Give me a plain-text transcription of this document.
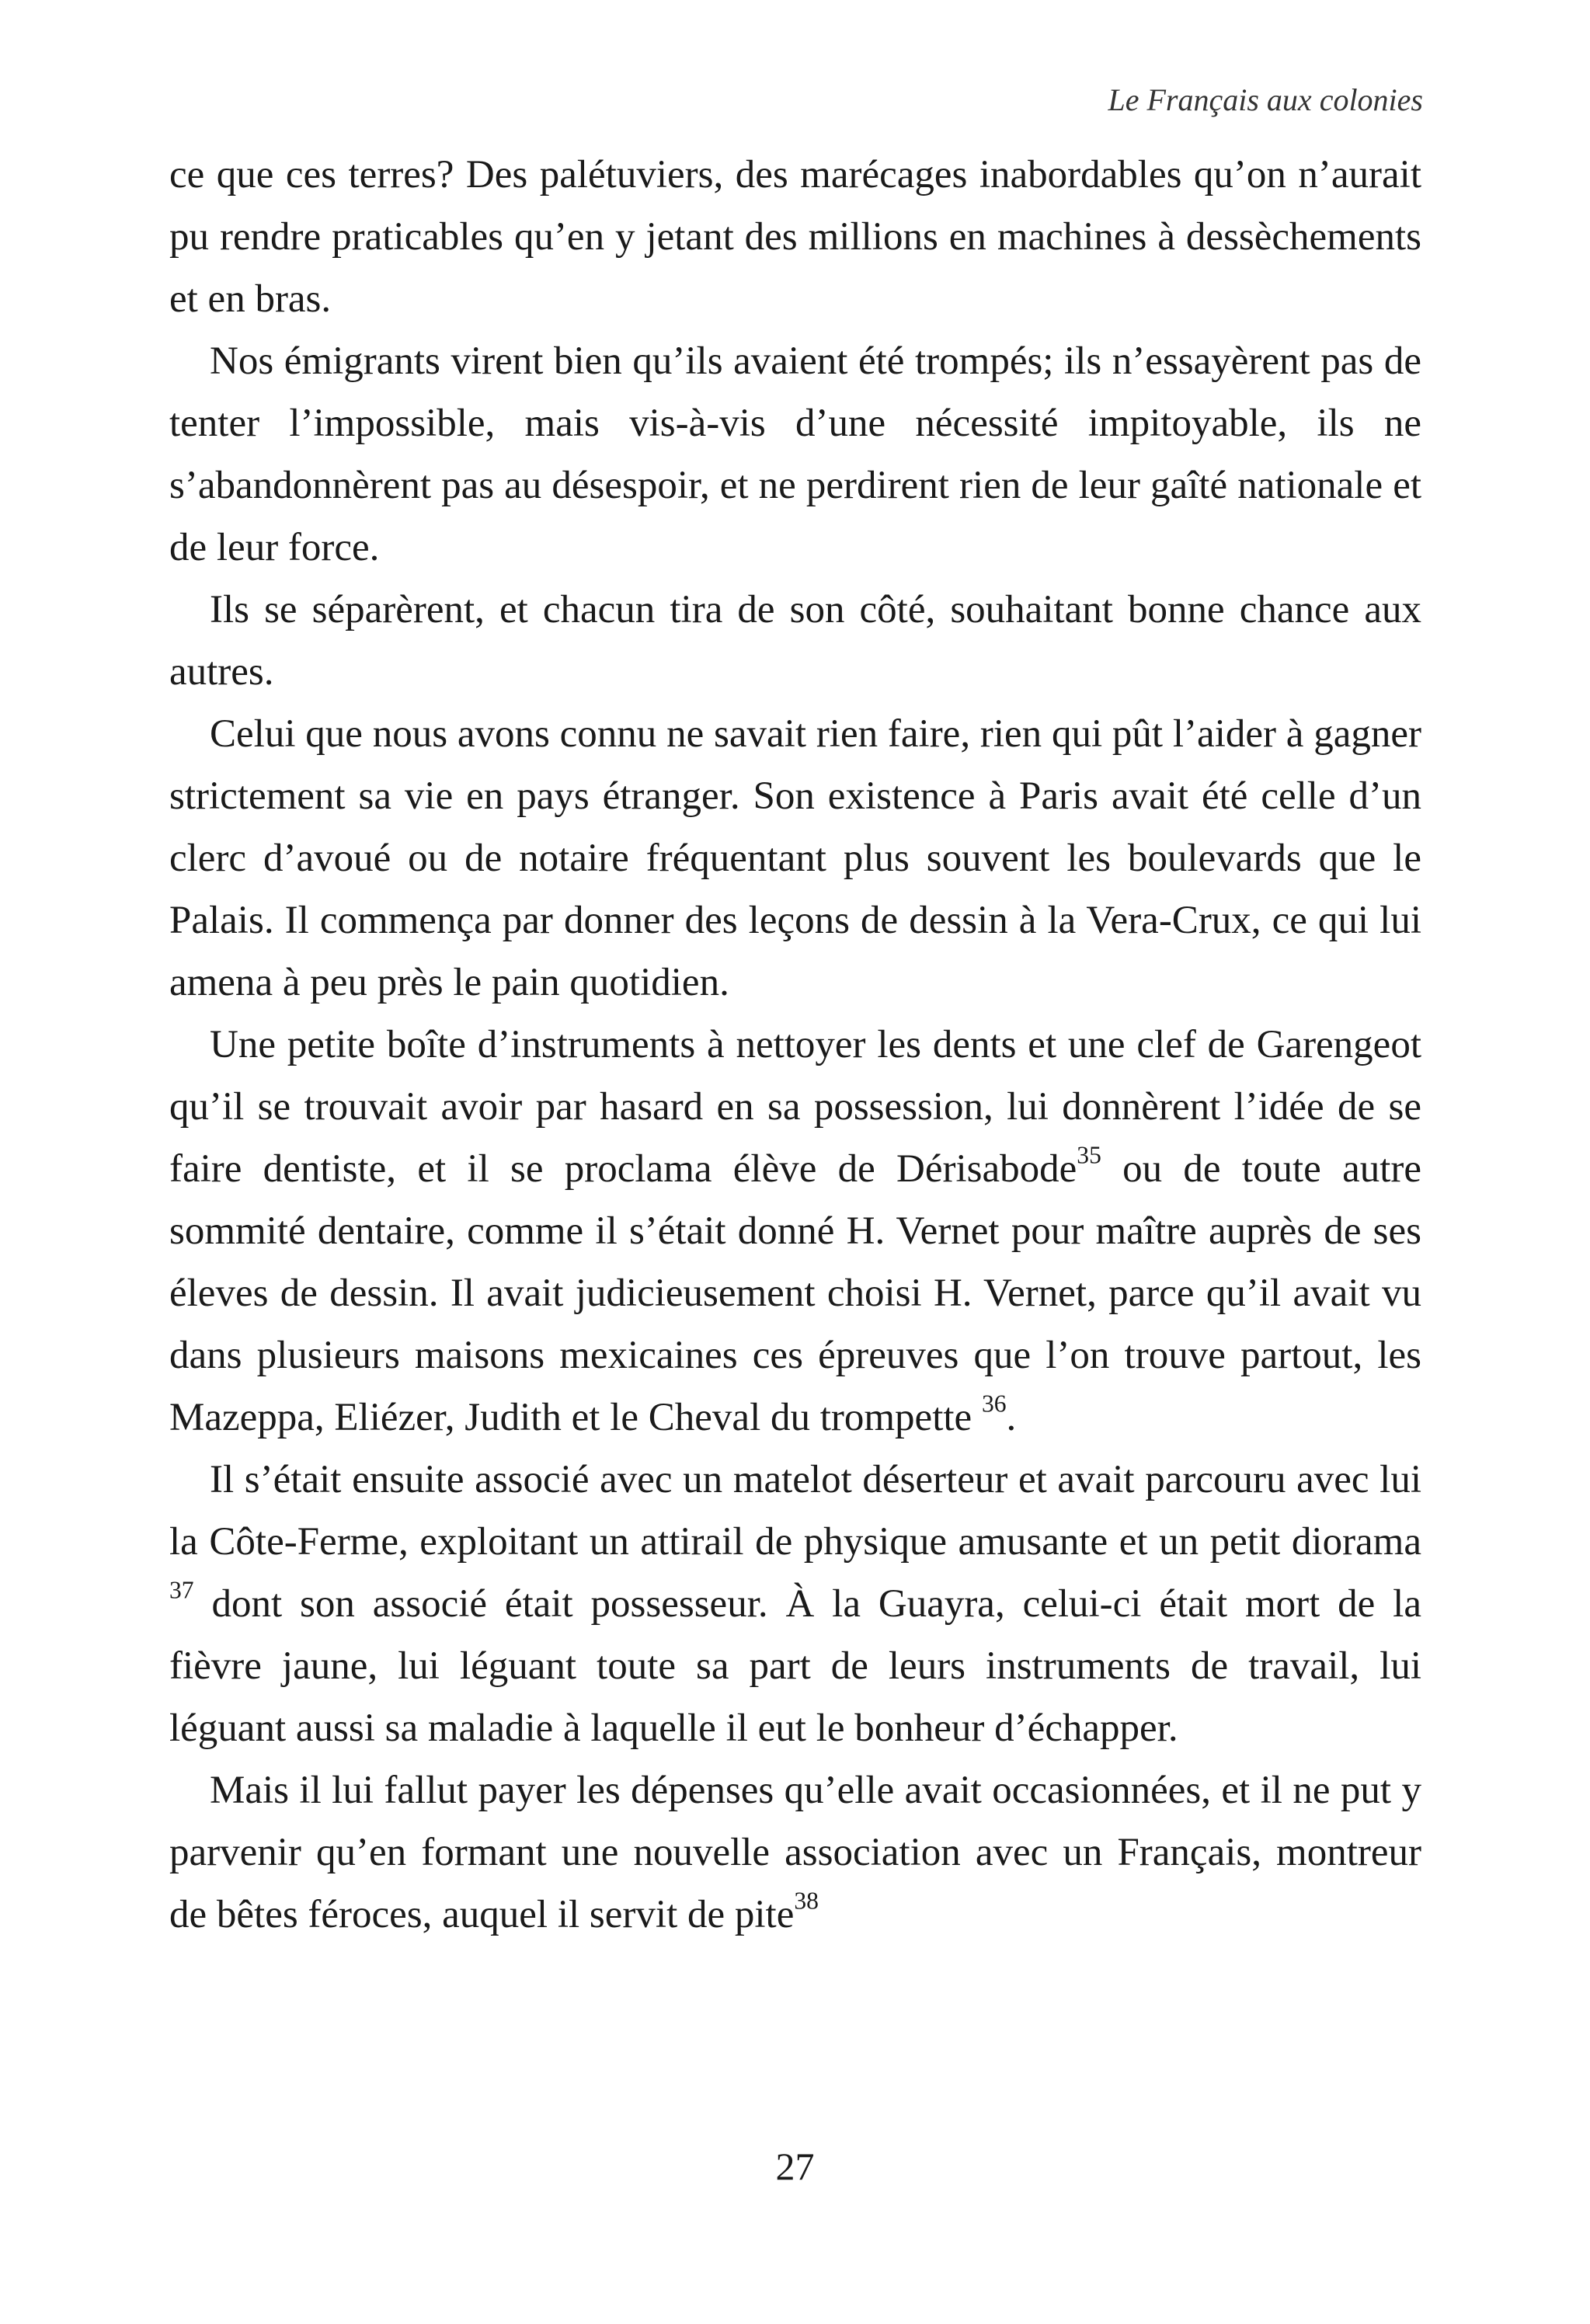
Le Français aux colonies

ce que ces terres? Des palétuviers, des marécages inabordables qu’on n’aurait pu rendre praticables qu’en y jetant des millions en machines à dessèchements et en bras.

Nos émigrants virent bien qu’ils avaient été trompés; ils n’essayèrent pas de tenter l’impossible, mais vis-à-vis d’une nécessité impitoyable, ils ne s’abandonnèrent pas au désespoir, et ne perdirent rien de leur gaîté nationale et de leur force.

Ils se séparèrent, et chacun tira de son côté, souhaitant bonne chance aux autres.

Celui que nous avons connu ne savait rien faire, rien qui pût l’aider à gagner strictement sa vie en pays étranger. Son existence à Paris avait été celle d’un clerc d’avoué ou de notaire fréquentant plus souvent les boulevards que le Palais. Il commença par donner des leçons de dessin à la Vera-Crux, ce qui lui amena à peu près le pain quotidien.

Une petite boîte d’instruments à nettoyer les dents et une clef de Garengeot qu’il se trouvait avoir par hasard en sa possession, lui donnèrent l’idée de se faire dentiste, et il se proclama élève de Dérisabode$^{35}$ ou de toute autre sommité dentaire, comme il s’était donné H. Vernet pour maître auprès de ses éleves de dessin. Il avait judicieusement choisi H. Vernet, parce qu’il avait vu dans plusieurs maisons mexicaines ces épreuves que l’on trouve partout, les Mazeppa, Eliézer, Judith et le Cheval du trompette $^{36}$.

Il s’était ensuite associé avec un matelot déserteur et avait parcouru avec lui la Côte-Ferme, exploitant un attirail de physique amusante et un petit diorama $^{37}$ dont son associé était possesseur. À la Guayra, celui-ci était mort de la fièvre jaune, lui léguant toute sa part de leurs instruments de travail, lui léguant aussi sa maladie à laquelle il eut le bonheur d’échapper.

Mais il lui fallut payer les dépenses qu’elle avait occasionnées, et il ne put y parvenir qu’en formant une nouvelle association avec un Français, montreur de bêtes féroces, auquel il servit de pite$^{38}$

27
